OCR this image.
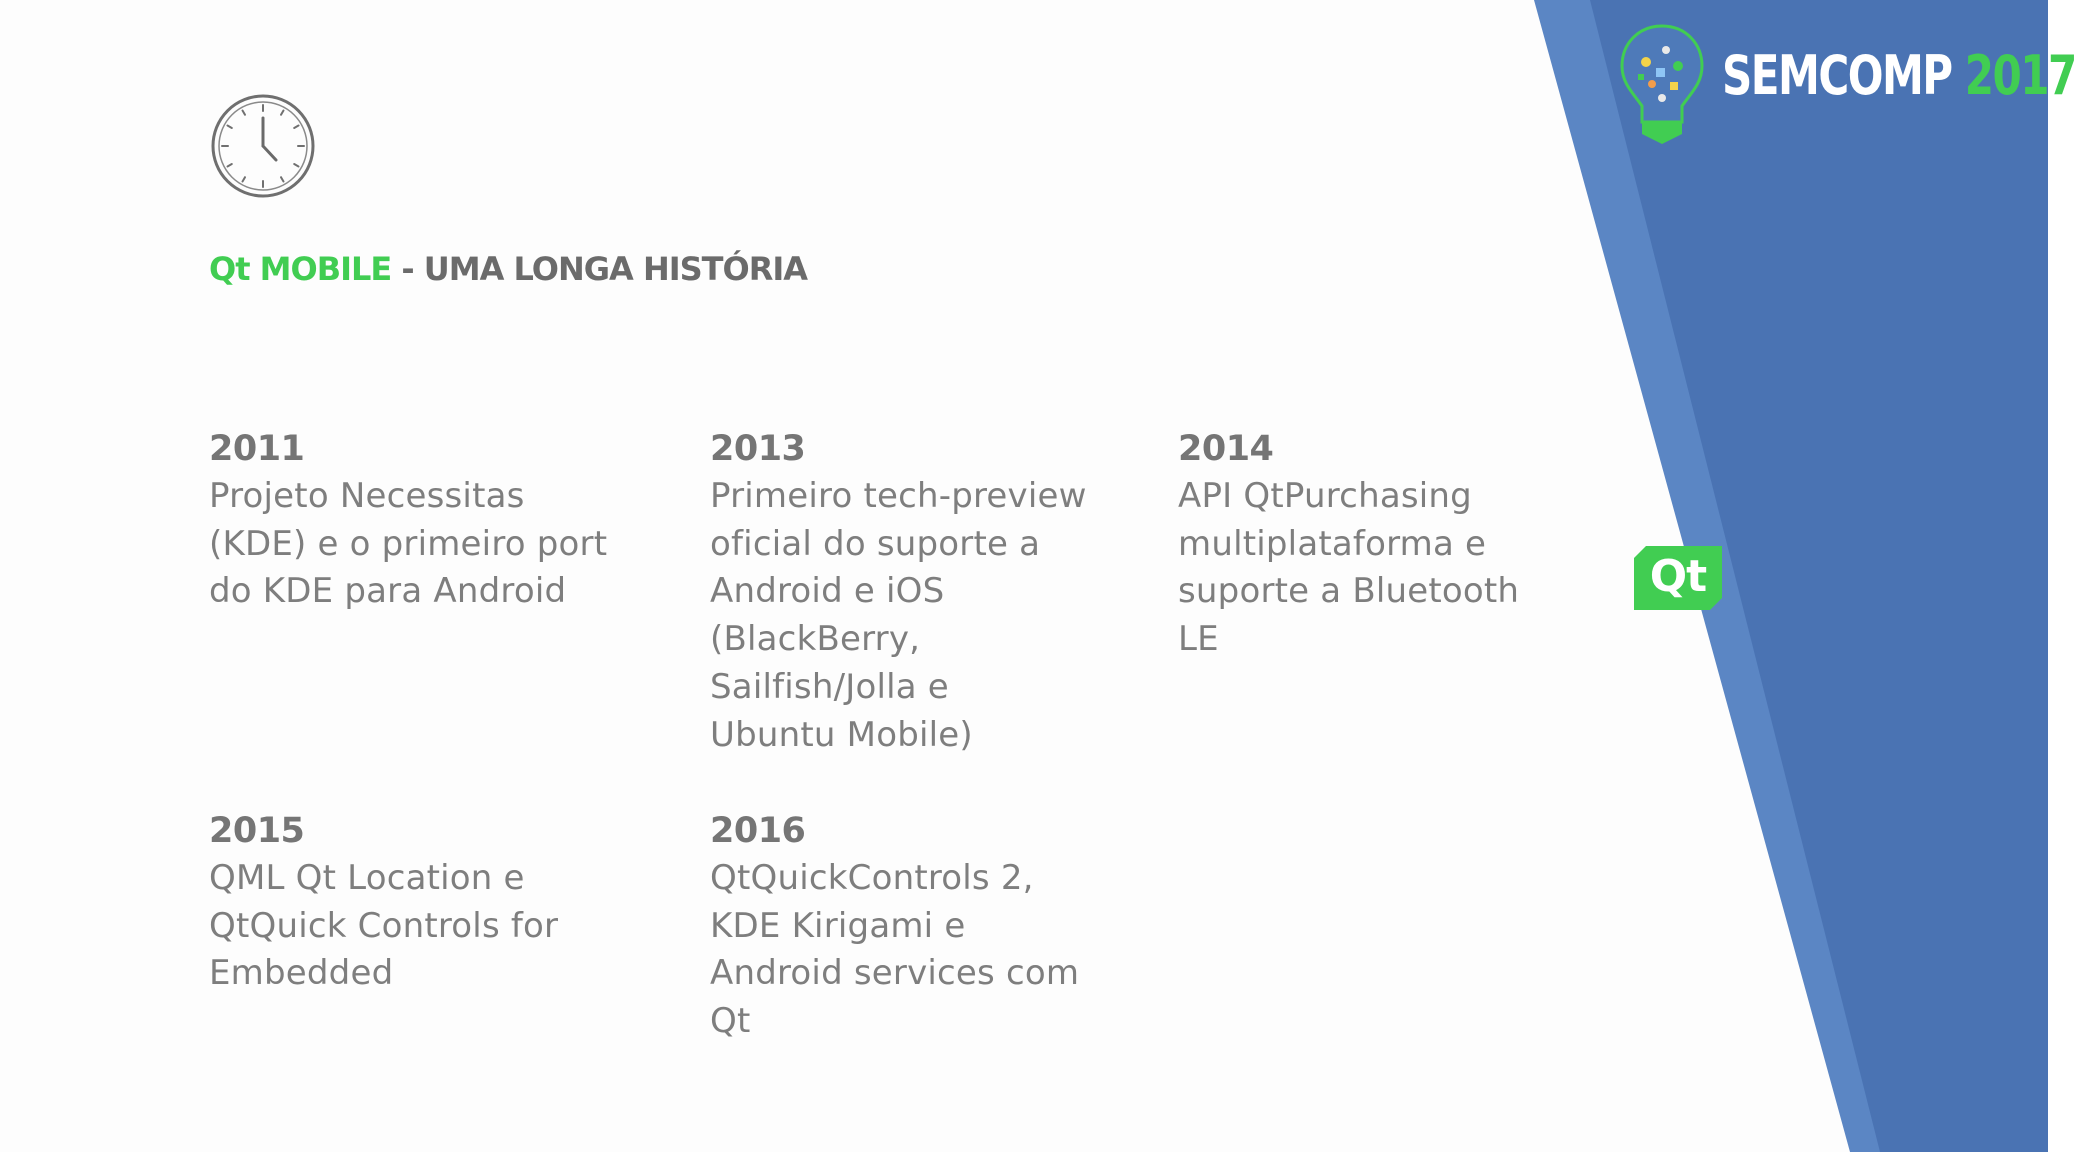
Qt MOBILE - UMA LONGA HISTÓRIA
2011
Projeto Necessitas
(KDE) e o primeiro port
do KDE para Android
2013
Primeiro tech-preview
oficial do suporte a
Android e iOS
(BlackBerry,
Sailfish/Jolla e
Ubuntu Mobile)
2014
API QtPurchasing
multiplataforma e
suporte a Bluetooth
LE
2015
QML Qt Location e
QtQuick Controls for
Embedded
2016
QtQuickControls 2,
KDE Kirigami e
Android services com
Qt
SEMCOMP 2017
Qt
